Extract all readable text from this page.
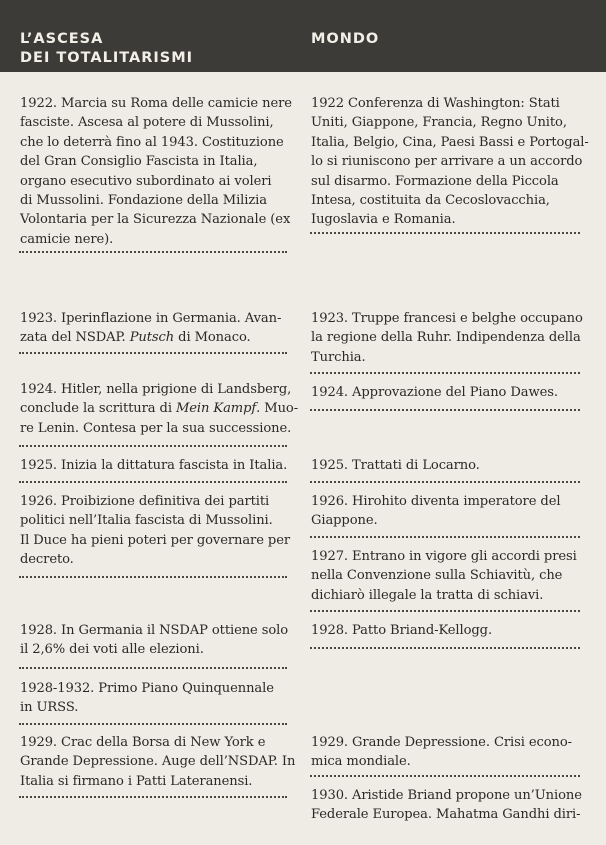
L’ASCESA
DEI TOTALITARISMI
MONDO
1922. Marcia su Roma delle camicie nere
fasciste. Ascesa al potere di Mussolini,
che lo deterrà fino al 1943. Costituzione
del Gran Consiglio Fascista in Italia,
organo esecutivo subordinato ai voleri
di Mussolini. Fondazione della Milizia
Volontaria per la Sicurezza Nazionale (ex
camicie nere).
1923. Iperinflazione in Germania. Avan-
zata del NSDAP. Putsch di Monaco.
1924. Hitler, nella prigione di Landsberg,
conclude la scrittura di Mein Kampf. Muo-
re Lenin. Contesa per la sua successione.
1925. Inizia la dittatura fascista in Italia.
1926. Proibizione definitiva dei partiti
politici nell’Italia fascista di Mussolini.
Il Duce ha pieni poteri per governare per
decreto.
1928. In Germania il NSDAP ottiene solo
il 2,6% dei voti alle elezioni.
1928-1932. Primo Piano Quinquennale
in URSS.
1929. Crac della Borsa di New York e
Grande Depressione. Auge dell’NSDAP. In
Italia si firmano i Patti Lateranensi.
1922 Conferenza di Washington: Stati
Uniti, Giappone, Francia, Regno Unito,
Italia, Belgio, Cina, Paesi Bassi e Portogal-
lo si riuniscono per arrivare a un accordo
sul disarmo. Formazione della Piccola
Intesa, costituita da Cecoslovacchia,
Iugoslavia e Romania.
1923. Truppe francesi e belghe occupano
la regione della Ruhr. Indipendenza della
Turchia.
1924. Approvazione del Piano Dawes.
1925. Trattati di Locarno.
1926. Hirohito diventa imperatore del
Giappone.
1927. Entrano in vigore gli accordi presi
nella Convenzione sulla Schiavitù, che
dichiarò illegale la tratta di schiavi.
1928. Patto Briand-Kellogg.
1929. Grande Depressione. Crisi econo-
mica mondiale.
1930. Aristide Briand propone un’Unione
Federale Europea. Mahatma Gandhi diri-
